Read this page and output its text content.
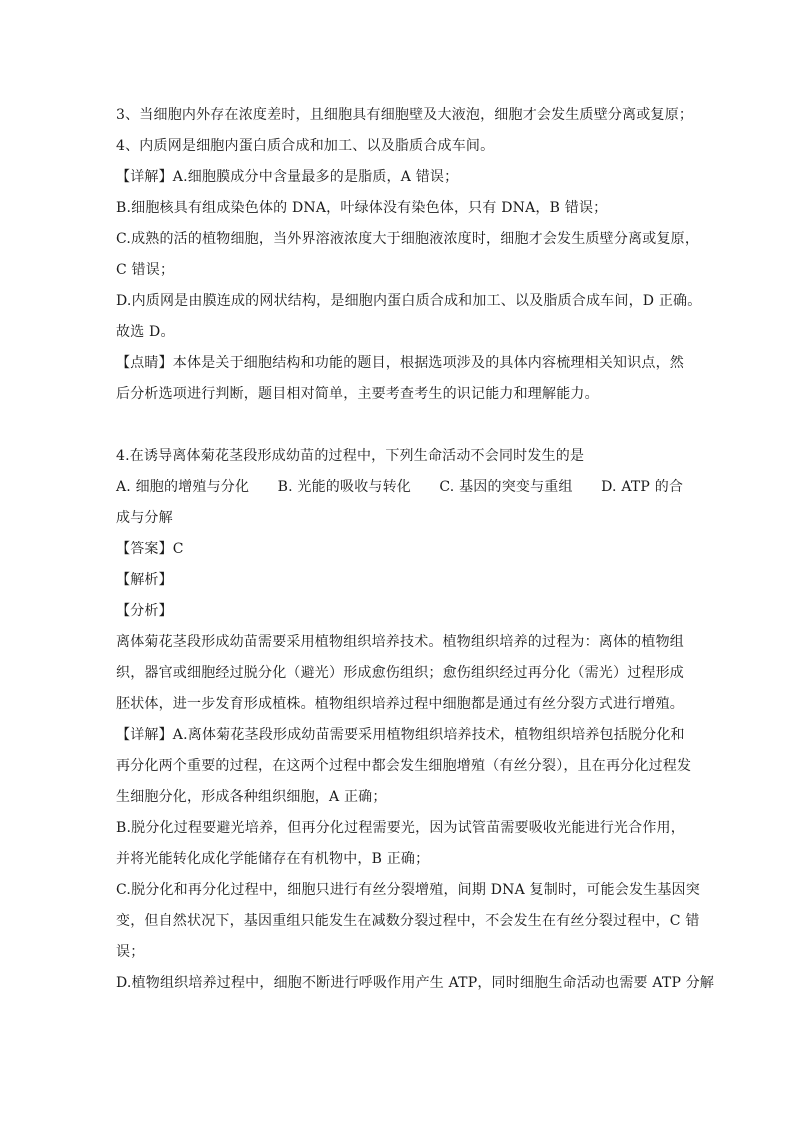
3、当细胞内外存在浓度差时，且细胞具有细胞壁及大液泡，细胞才会发生质壁分离或复原；
4、内质网是细胞内蛋白质合成和加工、以及脂质合成车间。
【详解】A.细胞膜成分中含量最多的是脂质，A 错误；
B.细胞核具有组成染色体的 DNA，叶绿体没有染色体，只有 DNA，B 错误；
C.成熟的活的植物细胞，当外界溶液浓度大于细胞液浓度时，细胞才会发生质壁分离或复原，
C 错误；
D.内质网是由膜连成的网状结构，是细胞内蛋白质合成和加工、以及脂质合成车间，D 正确。
故选 D。
【点睛】本体是关于细胞结构和功能的题目，根据选项涉及的具体内容梳理相关知识点，然
后分析选项进行判断，题目相对简单，主要考查考生的识记能力和理解能力。
4.在诱导离体菊花茎段形成幼苗的过程中，下列生命活动不会同时发生的是
A. 细胞的增殖与分化　　B. 光能的吸收与转化　　C. 基因的突变与重组　　D. ATP 的合
成与分解
【答案】C
【解析】
【分析】
离体菊花茎段形成幼苗需要采用植物组织培养技术。植物组织培养的过程为：离体的植物组
织，器官或细胞经过脱分化（避光）形成愈伤组织；愈伤组织经过再分化（需光）过程形成
胚状体，进一步发育形成植株。植物组织培养过程中细胞都是通过有丝分裂方式进行增殖。
【详解】A.离体菊花茎段形成幼苗需要采用植物组织培养技术，植物组织培养包括脱分化和
再分化两个重要的过程，在这两个过程中都会发生细胞增殖（有丝分裂），且在再分化过程发
生细胞分化，形成各种组织细胞，A 正确；
B.脱分化过程要避光培养，但再分化过程需要光，因为试管苗需要吸收光能进行光合作用，
并将光能转化成化学能储存在有机物中，B 正确；
C.脱分化和再分化过程中，细胞只进行有丝分裂增殖，间期 DNA 复制时，可能会发生基因突
变，但自然状况下，基因重组只能发生在减数分裂过程中，不会发生在有丝分裂过程中，C 错
误；
D.植物组织培养过程中，细胞不断进行呼吸作用产生 ATP，同时细胞生命活动也需要 ATP 分解
